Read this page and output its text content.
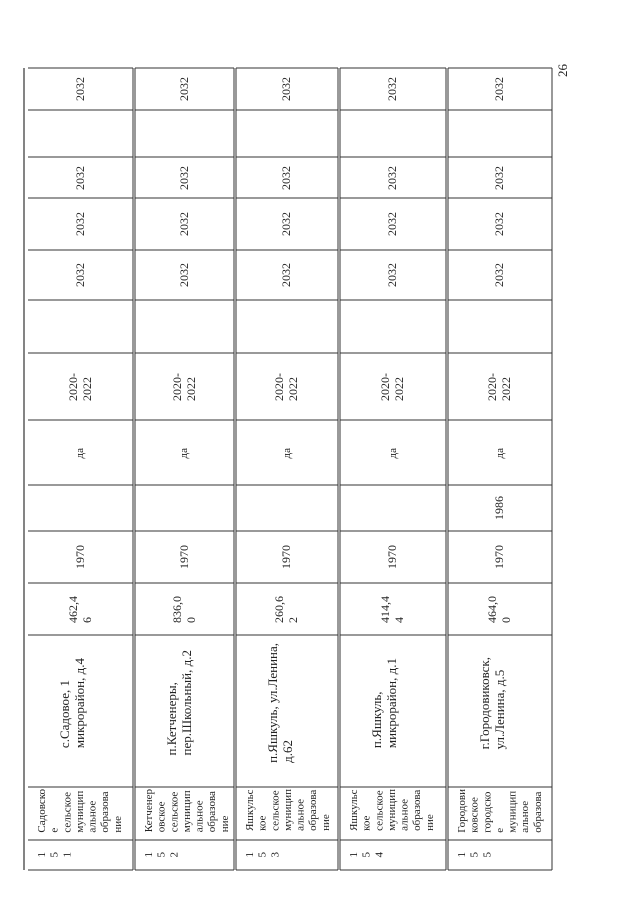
1
5
1
Садовско
е
сельское
муницип
альное
образова
ние
с.Садовое, 1
микрорайон, д.4
462,4
6
1970
да
2020-
2022
2032
2032
2032
2032
1
5
2
Кетченер
овское
сельское
муницип
альное
образова
ние
п.Кетченеры,
пер.Школьный, д.2
836,0
0
1970
да
2020-
2022
2032
2032
2032
2032
1
5
3
Яшкульс
кое
сельское
муницип
альное
образова
ние
п.Яшкуль, ул.Ленина,
д.62
260,6
2
1970
да
2020-
2022
2032
2032
2032
2032
1
5
4
Яшкульс
кое
сельское
муницип
альное
образова
ние
п.Яшкуль,
микрорайон, д.1
414,4
4
1970
да
2020-
2022
2032
2032
2032
2032
1
5
5
Городови
ковское
городско
е
муницип
альное
образова
г.Городовиковск,
ул.Ленина, д.5
464,0
0
1970
1986
да
2020-
2022
2032
2032
2032
2032
26
